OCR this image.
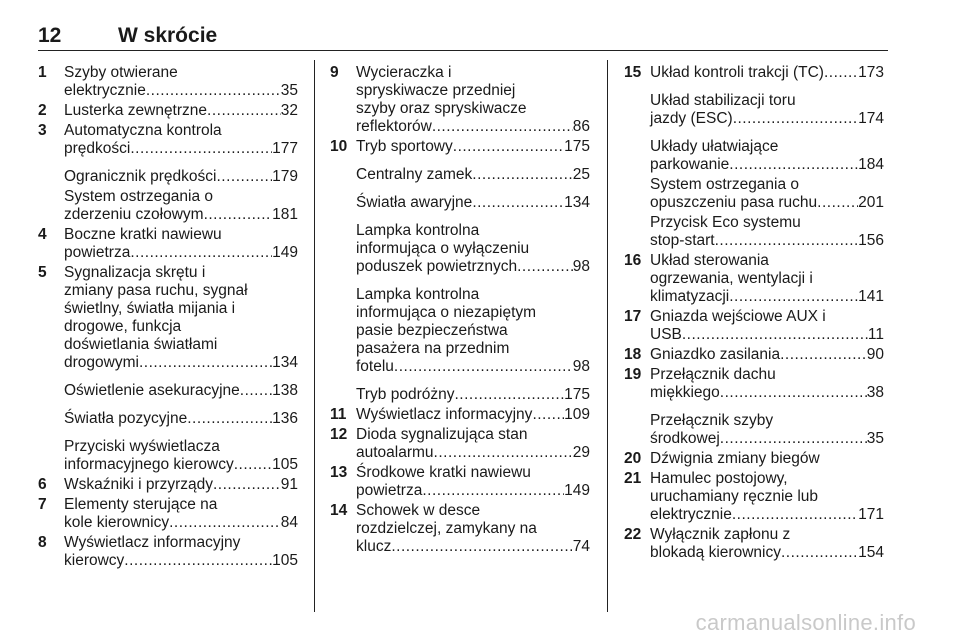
12	W skrócie
1 Szyby otwierane
elektrycznie .....	35
2 Lusterka zewnętrzne .....	32
3 Automatyczna kontrola
prędkości .....	177
Ogranicznik prędkości .....	179
System ostrzegania o
zderzeniu czołowym .....	181
4 Boczne kratki nawiewu
powietrza .....	149
5 Sygnalizacja skrętu i
zmiany pasa ruchu, sygnał
świetlny, światła mijania i
drogowe, funkcja
doświetlania światłami
drogowymi .....	134
Oświetlenie asekuracyjne ..... 138
Światła pozycyjne .....	136
Przyciski wyświetlacza
informacyjnego kierowcy ..... 105
6 Wskaźniki i przyrządy .....	91
7 Elementy sterujące na
kole kierownicy .....	84
8 Wyświetlacz informacyjny
kierowcy .....	105
9 Wycieraczka i
spryskiwacze przedniej
szyby oraz spryskiwacze
reflektorów .....	86
10 Tryb sportowy .....	175
Centralny zamek .....	25
Światła awaryjne .....	134
Lampka kontrolna
informująca o wyłączeniu
poduszek powietrznych .....	98
Lampka kontrolna
informująca o niezapiętym
pasie bezpieczeństwa
pasażera na przednim
fotelu .....	98
Tryb podróżny .....	175
11 Wyświetlacz informacyjny ..... 109
12 Dioda sygnalizująca stan
autoalarmu .....	29
13 Środkowe kratki nawiewu
powietrza .....	149
14 Schowek w desce
rozdzielczej, zamykany na
klucz .....	74
15 Układ kontroli trakcji (TC) ..... 173
Układ stabilizacji toru
jazdy (ESC) .....	174
Układy ułatwiające
parkowanie .....	184
System ostrzegania o
opuszczeniu pasa ruchu .....	201
Przycisk Eco systemu
stop-start .....	156
16 Układ sterowania
ogrzewania, wentylacji i
klimatyzacji .....	141
17 Gniazda wejściowe AUX i
USB .....	11
18 Gniazdko zasilania .....	90
19 Przełącznik dachu
miękkiego .....	38
Przełącznik szyby
środkowej .....	35
20 Dźwignia zmiany biegów
21 Hamulec postojowy,
uruchamiany ręcznie lub
elektrycznie .....	171
22 Wyłącznik zapłonu z
blokadą kierownicy .....	154
carmanualsonline.info
